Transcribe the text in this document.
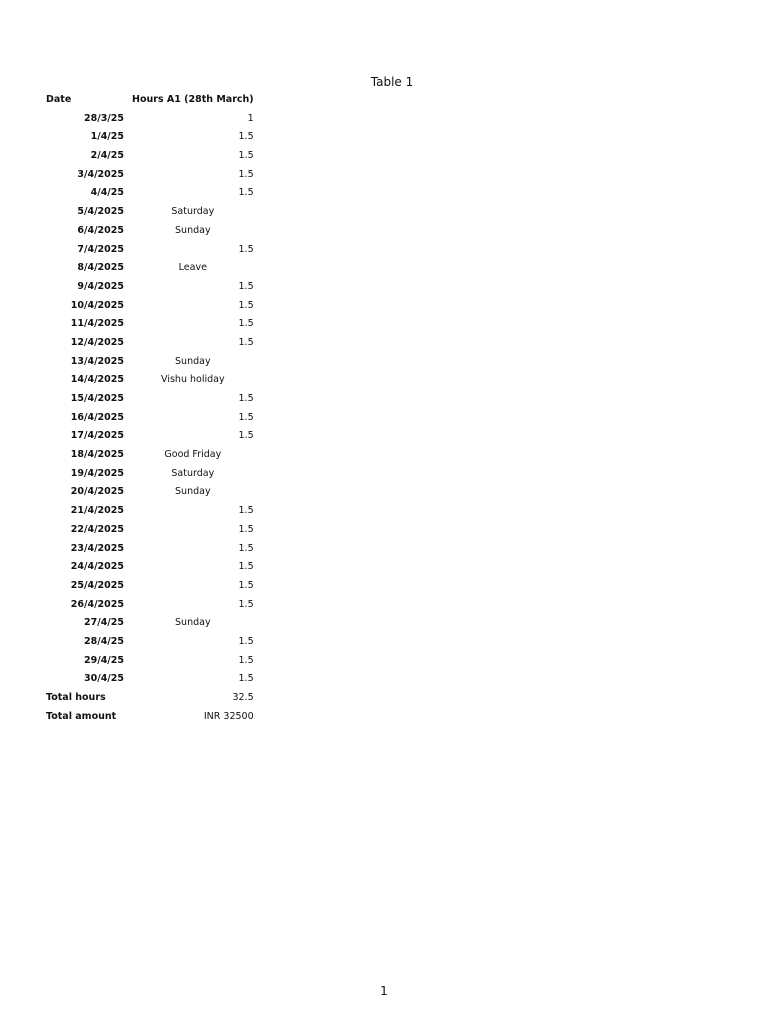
Table 1
Date	Hours A1 (28th March)
28/3/25	1
1/4/25	1.5
2/4/25	1.5
3/4/2025	1.5
4/4/25	1.5
5/4/2025	Saturday
6/4/2025	Sunday
7/4/2025	1.5
8/4/2025	Leave
9/4/2025	1.5
10/4/2025	1.5
11/4/2025	1.5
12/4/2025	1.5
13/4/2025	Sunday
14/4/2025	Vishu holiday
15/4/2025	1.5
16/4/2025	1.5
17/4/2025	1.5
18/4/2025	Good Friday
19/4/2025	Saturday
20/4/2025	Sunday
21/4/2025	1.5
22/4/2025	1.5
23/4/2025	1.5
24/4/2025	1.5
25/4/2025	1.5
26/4/2025	1.5
27/4/25	Sunday
28/4/25	1.5
29/4/25	1.5
30/4/25	1.5
Total hours	32.5
Total amount	INR 32500
1
